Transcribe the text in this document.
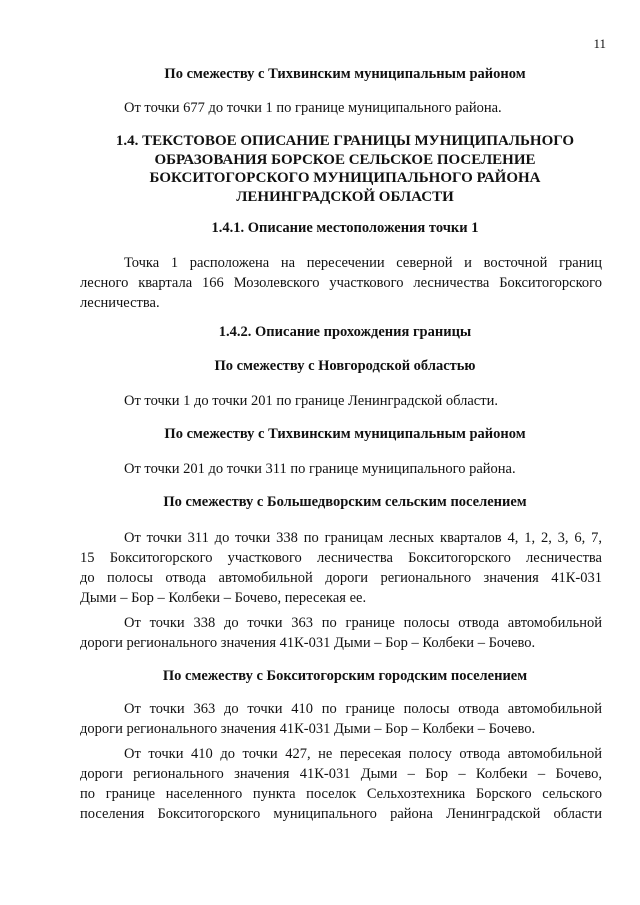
11
По смежеству с Тихвинским муниципальным районом
От точки 677 до точки 1 по границе муниципального района.
1.4. ТЕКСТОВОЕ ОПИСАНИЕ ГРАНИЦЫ МУНИЦИПАЛЬНОГО
ОБРАЗОВАНИЯ БОРСКОЕ СЕЛЬСКОЕ ПОСЕЛЕНИЕ
БОКСИТОГОРСКОГО МУНИЦИПАЛЬНОГО РАЙОНА
ЛЕНИНГРАДСКОЙ ОБЛАСТИ
1.4.1. Описание местоположения точки 1
Точка 1 расположена на пересечении северной и восточной границ
лесного квартала 166 Мозолевского участкового лесничества Бокситогорского
лесничества.
1.4.2. Описание прохождения границы
По смежеству с Новгородской областью
От точки 1 до точки 201 по границе Ленинградской области.
По смежеству с Тихвинским муниципальным районом
От точки 201 до точки 311 по границе муниципального района.
По смежеству с Большедворским сельским поселением
От точки 311 до точки 338 по границам лесных кварталов 4, 1, 2, 3, 6, 7,
15 Бокситогорского участкового лесничества Бокситогорского лесничества
до полосы отвода автомобильной дороги регионального значения 41К-031
Дыми – Бор – Колбеки – Бочево, пересекая ее.
От точки 338 до точки 363 по границе полосы отвода автомобильной
дороги регионального значения 41К-031 Дыми – Бор – Колбеки – Бочево.
По смежеству с Бокситогорским городским поселением
От точки 363 до точки 410 по границе полосы отвода автомобильной
дороги регионального значения 41К-031 Дыми – Бор – Колбеки – Бочево.
От точки 410 до точки 427, не пересекая полосу отвода автомобильной
дороги регионального значения 41К-031 Дыми – Бор – Колбеки – Бочево,
по границе населенного пункта поселок Сельхозтехника Борского сельского
поселения Бокситогорского муниципального района Ленинградской области
